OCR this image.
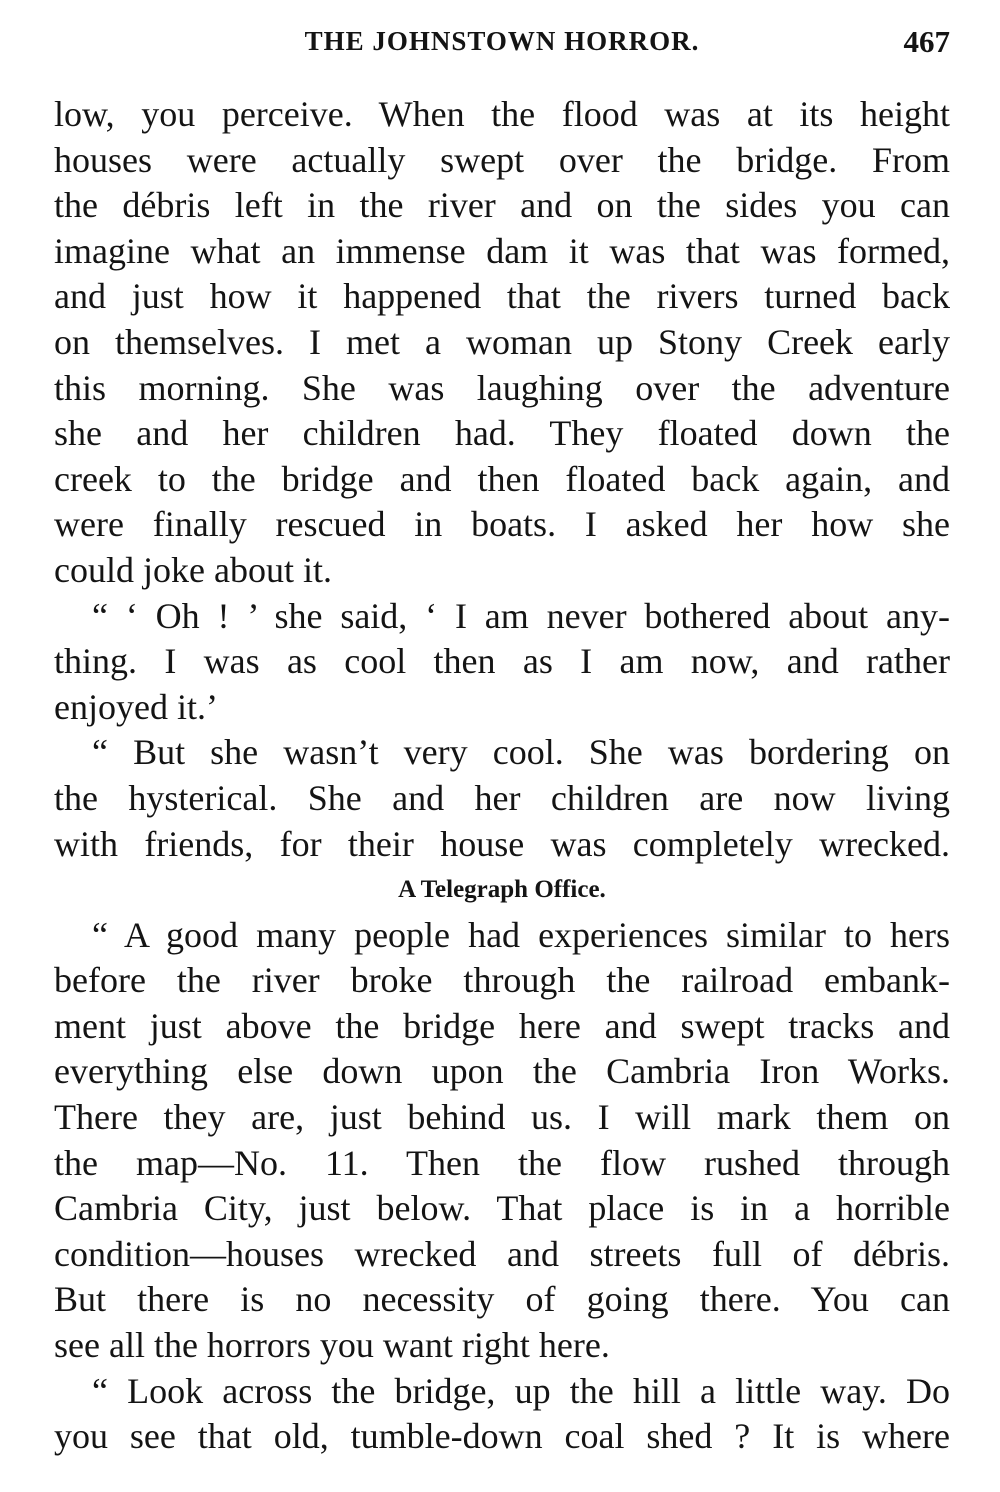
THE JOHNSTOWN HORROR.	467
low, you perceive. When the flood was at its height
houses were actually swept over the bridge. From
the débris left in the river and on the sides you can
imagine what an immense dam it was that was formed,
and just how it happened that the rivers turned back
on themselves. I met a woman up Stony Creek early
this morning. She was laughing over the adventure
she and her children had. They floated down the
creek to the bridge and then floated back again, and
were finally rescued in boats. I asked her how she
could joke about it.
“ ‘ Oh ! ’ she said, ‘ I am never bothered about any-
thing. I was as cool then as I am now, and rather
enjoyed it.’
“ But she wasn’t very cool. She was bordering on
the hysterical. She and her children are now living
with friends, for their house was completely wrecked.
A Telegraph Office.
“ A good many people had experiences similar to hers
before the river broke through the railroad embank-
ment just above the bridge here and swept tracks and
everything else down upon the Cambria Iron Works.
There they are, just behind us. I will mark them on
the map—No. 11. Then the flow rushed through
Cambria City, just below. That place is in a horrible
condition—houses wrecked and streets full of débris.
But there is no necessity of going there. You can
see all the horrors you want right here.
“ Look across the bridge, up the hill a little way. Do
you see that old, tumble-down coal shed ? It is where
